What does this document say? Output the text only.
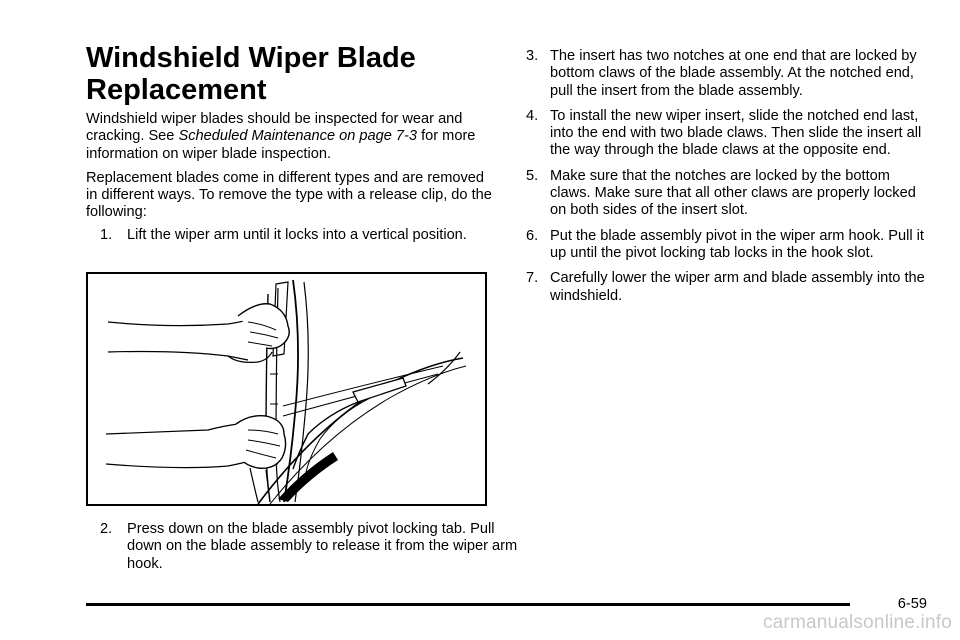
Windshield Wiper Blade Replacement

Windshield wiper blades should be inspected for wear and cracking. See Scheduled Maintenance on page 7-3 for more information on wiper blade inspection.

Replacement blades come in different types and are removed in different ways. To remove the type with a release clip, do the following:

1. Lift the wiper arm until it locks into a vertical position.
2. Press down on the blade assembly pivot locking tab. Pull down on the blade assembly to release it from the wiper arm hook.
3. The insert has two notches at one end that are locked by bottom claws of the blade assembly. At the notched end, pull the insert from the blade assembly.
4. To install the new wiper insert, slide the notched end last, into the end with two blade claws. Then slide the insert all the way through the blade claws at the opposite end.
5. Make sure that the notches are locked by the bottom claws. Make sure that all other claws are properly locked on both sides of the insert slot.
6. Put the blade assembly pivot in the wiper arm hook. Pull it up until the pivot locking tab locks in the hook slot.
7. Carefully lower the wiper arm and blade assembly into the windshield.
6-59
carmanualsonline.info
